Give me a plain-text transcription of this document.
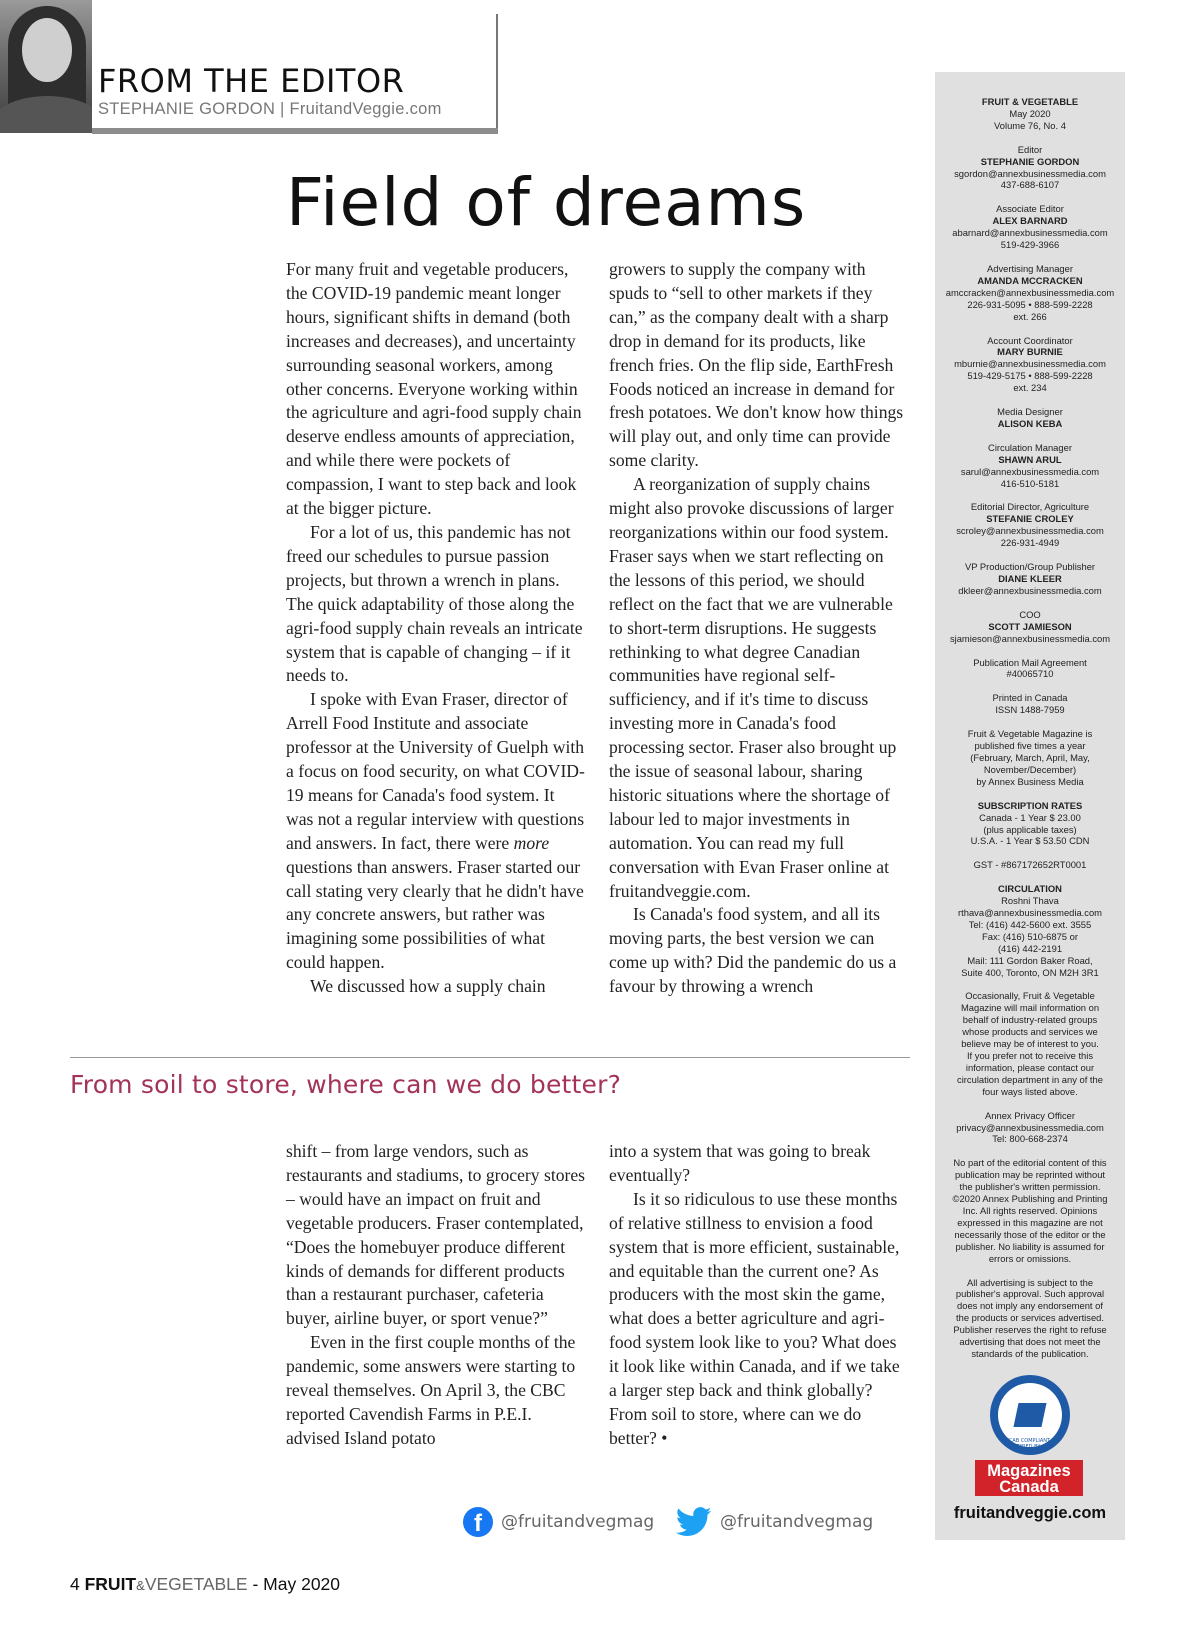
FROM THE EDITOR
STEPHANIE GORDON | FruitandVeggie.com
Field of dreams

For many fruit and vegetable producers, the COVID-19 pandemic meant longer hours, significant shifts in demand (both increases and decreases), and uncertainty surrounding seasonal workers, among other concerns. Everyone working within the agriculture and agri-food supply chain deserve endless amounts of appreciation, and while there were pockets of compassion, I want to step back and look at the bigger picture.

For a lot of us, this pandemic has not freed our schedules to pursue passion projects, but thrown a wrench in plans. The quick adaptability of those along the agri-food supply chain reveals an intricate system that is capable of changing – if it needs to.

I spoke with Evan Fraser, director of Arrell Food Institute and associate professor at the University of Guelph with a focus on food security, on what COVID-19 means for Canada's food system. It was not a regular interview with questions and answers. In fact, there were more questions than answers. Fraser started our call stating very clearly that he didn't have any concrete answers, but rather was imagining some possibilities of what could happen.

We discussed how a supply chain

growers to supply the company with spuds to “sell to other markets if they can,” as the company dealt with a sharp drop in demand for its products, like french fries. On the flip side, EarthFresh Foods noticed an increase in demand for fresh potatoes. We don't know how things will play out, and only time can provide some clarity.

A reorganization of supply chains might also provoke discussions of larger reorganizations within our food system. Fraser says when we start reflecting on the lessons of this period, we should reflect on the fact that we are vulnerable to short-term disruptions. He suggests rethinking to what degree Canadian communities have regional self-sufficiency, and if it's time to discuss investing more in Canada's food processing sector. Fraser also brought up the issue of seasonal labour, sharing historic situations where the shortage of labour led to major investments in automation. You can read my full conversation with Evan Fraser online at fruitandveggie.com.

Is Canada's food system, and all its moving parts, the best version we can come up with? Did the pandemic do us a favour by throwing a wrench

From soil to store, where can we do better?

shift – from large vendors, such as restaurants and stadiums, to grocery stores – would have an impact on fruit and vegetable producers. Fraser contemplated, “Does the homebuyer produce different kinds of demands for different products than a restaurant purchaser, cafeteria buyer, airline buyer, or sport venue?”

Even in the first couple months of the pandemic, some answers were starting to reveal themselves. On April 3, the CBC reported Cavendish Farms in P.E.I. advised Island potato

into a system that was going to break eventually?

Is it so ridiculous to use these months of relative stillness to envision a food system that is more efficient, sustainable, and equitable than the current one? As producers with the most skin the game, what does a better agriculture and agri-food system look like to you? What does it look like within Canada, and if we take a larger step back and think globally? From soil to store, where can we do better? •

FRUIT & VEGETABLE
May 2020
Volume 76, No. 4
Editor
STEPHANIE GORDON
sgordon@annexbusinessmedia.com
437-688-6107
Associate Editor
ALEX BARNARD
abarnard@annexbusinessmedia.com
519-429-3966
Advertising Manager
AMANDA MCCRACKEN
amccracken@annexbusinessmedia.com
226-931-5095 • 888-599-2228
ext. 266
Account Coordinator
MARY BURNIE
mburnie@annexbusinessmedia.com
519-429-5175 • 888-599-2228
ext. 234
Media Designer
ALISON KEBA
Circulation Manager
SHAWN ARUL
sarul@annexbusinessmedia.com
416-510-5181
Editorial Director, Agriculture
STEFANIE CROLEY
scroley@annexbusinessmedia.com
226-931-4949
VP Production/Group Publisher
DIANE KLEER
dkleer@annexbusinessmedia.com
COO
SCOTT JAMIESON
sjamieson@annexbusinessmedia.com
Publication Mail Agreement
#40065710
Printed in Canada
ISSN 1488-7959
Fruit & Vegetable Magazine is
published five times a year
(February, March, April, May,
November/December)
by Annex Business Media
SUBSCRIPTION RATES
Canada - 1 Year $ 23.00
(plus applicable taxes)
U.S.A. - 1 Year $ 53.50 CDN
GST - #867172652RT0001
CIRCULATION
Roshni Thava
rthava@annexbusinessmedia.com
Tel: (416) 442-5600 ext. 3555
Fax: (416) 510-6875 or
(416) 442-2191
Mail: 111 Gordon Baker Road,
Suite 400, Toronto, ON M2H 3R1
Occasionally, Fruit & Vegetable
Magazine will mail information on
behalf of industry-related groups
whose products and services we
believe may be of interest to you.
If you prefer not to receive this
information, please contact our
circulation department in any of the
four ways listed above.
Annex Privacy Officer
privacy@annexbusinessmedia.com
Tel: 800-668-2374
No part of the editorial content of this
publication may be reprinted without
the publisher's written permission.
©2020 Annex Publishing and Printing
Inc. All rights reserved. Opinions
expressed in this magazine are not
necessarily those of the editor or the
publisher. No liability is assumed for
errors or omissions.
All advertising is subject to the
publisher's approval. Such approval
does not imply any endorsement of
the products or services advertised.
Publisher reserves the right to refuse
advertising that does not meet the
standards of the publication.
CCAB COMPLIANT • CERTIFIED BY AAM
Magazines Canada
fruitandveggie.com
f	@fruitandvegmag	@fruitandvegmag
4 FRUIT&VEGETABLE - May 2020
